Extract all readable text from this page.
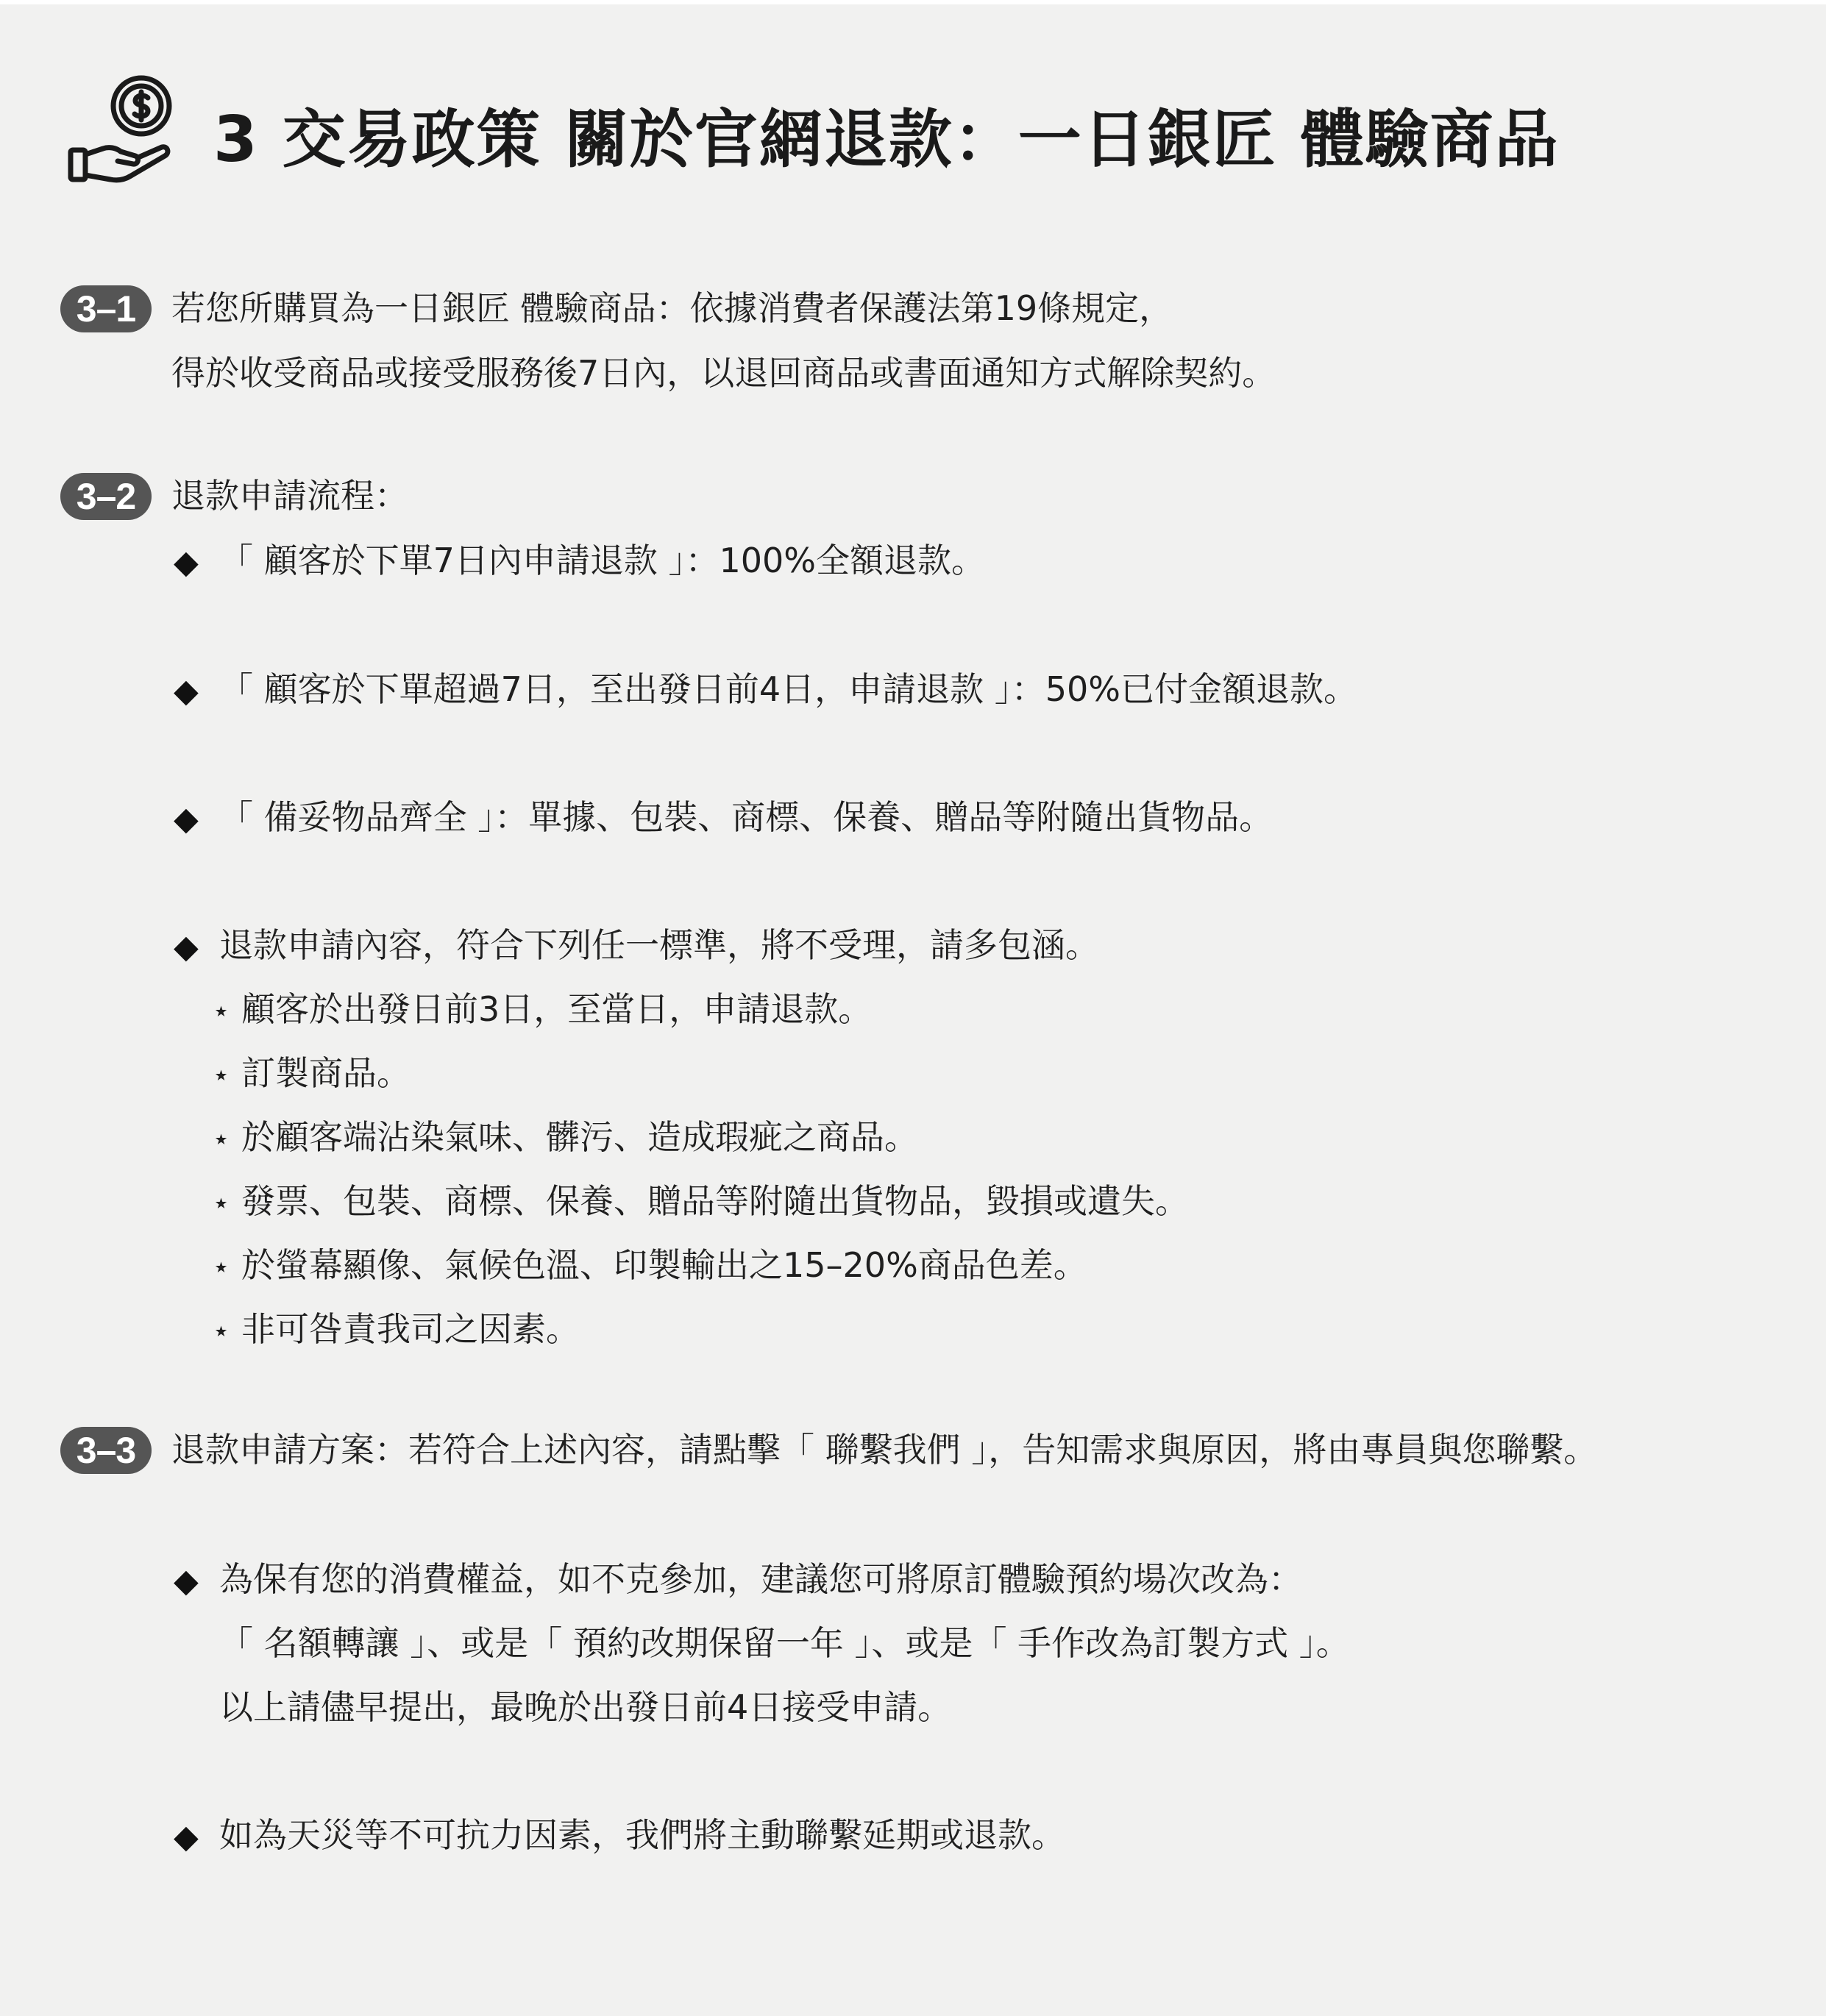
3 交易政策 關於官網退款：一日銀匠 體驗商品
3–1	若您所購買為一日銀匠 體驗商品：依據消費者保護法第19條規定，
得於收受商品或接受服務後7日內，以退回商品或書面通知方式解除契約。
3–2	退款申請流程：
◆ 「 顧客於下單7日內申請退款 」：100%全額退款。
◆ 「 顧客於下單超過7日，至出發日前4日，申請退款 」：50%已付金額退款。
◆ 「 備妥物品齊全 」：單據、包裝、商標、保養、贈品等附隨出貨物品。
◆ 退款申請內容，符合下列任一標準，將不受理，請多包涵。
⋆ 顧客於出發日前3日，至當日，申請退款。
⋆ 訂製商品。
⋆ 於顧客端沾染氣味、髒污、造成瑕疵之商品。
⋆ 發票、包裝、商標、保養、贈品等附隨出貨物品，毀損或遺失。
⋆ 於螢幕顯像、氣候色溫、印製輸出之15–20%商品色差。
⋆ 非可咎責我司之因素。
3–3	退款申請方案：若符合上述內容，請點擊「 聯繫我們 」，告知需求與原因，將由專員與您聯繫。
◆ 為保有您的消費權益，如不克參加，建議您可將原訂體驗預約場次改為：
「 名額轉讓 」、或是「 預約改期保留一年 」、或是「 手作改為訂製方式 」。
以上請儘早提出，最晚於出發日前4日接受申請。
◆ 如為天災等不可抗力因素，我們將主動聯繫延期或退款。
